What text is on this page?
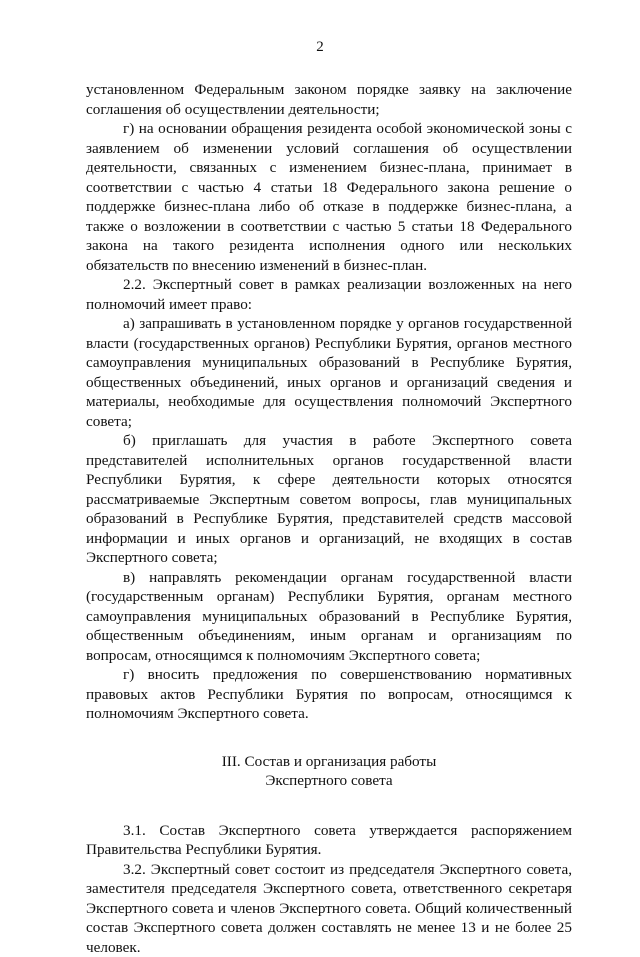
2

установленном Федеральным законом порядке заявку на заключение соглашения об осуществлении деятельности;

г) на основании обращения резидента особой экономической зоны с заявлением об изменении условий соглашения об осуществлении деятельности, связанных с изменением бизнес-плана, принимает в соответствии с частью 4 статьи 18 Федерального закона решение о поддержке бизнес-плана либо об отказе в поддержке бизнес-плана, а также о возложении в соответствии с частью 5 статьи 18 Федерального закона на такого резидента исполнения одного или нескольких обязательств по внесению изменений в бизнес-план.

2.2. Экспертный совет в рамках реализации возложенных на него полномочий имеет право:

а) запрашивать в установленном порядке у органов государственной власти (государственных органов) Республики Бурятия, органов местного самоуправления муниципальных образований в Республике Бурятия, общественных объединений, иных органов и организаций сведения и материалы, необходимые для осуществления полномочий Экспертного совета;

б) приглашать для участия в работе Экспертного совета представителей исполнительных органов государственной власти Республики Бурятия, к сфере деятельности которых относятся рассматриваемые Экспертным советом вопросы, глав муниципальных образований в Республике Бурятия, представителей средств массовой информации и иных органов и организаций, не входящих в состав Экспертного совета;

в) направлять рекомендации органам государственной власти (государственным органам) Республики Бурятия, органам местного самоуправления муниципальных образований в Республике Бурятия, общественным объединениям, иным органам и организациям по вопросам, относящимся к полномочиям Экспертного совета;

г) вносить предложения по совершенствованию нормативных правовых актов Республики Бурятия по вопросам, относящимся к полномочиям Экспертного совета.

III. Состав и организация работы

Экспертного совета

3.1. Состав Экспертного совета утверждается распоряжением Правительства Республики Бурятия.

3.2. Экспертный совет состоит из председателя Экспертного совета, заместителя председателя Экспертного совета, ответственного секретаря Экспертного совета и членов Экспертного совета. Общий количественный состав Экспертного совета должен составлять не менее 13 и не более 25 человек.
